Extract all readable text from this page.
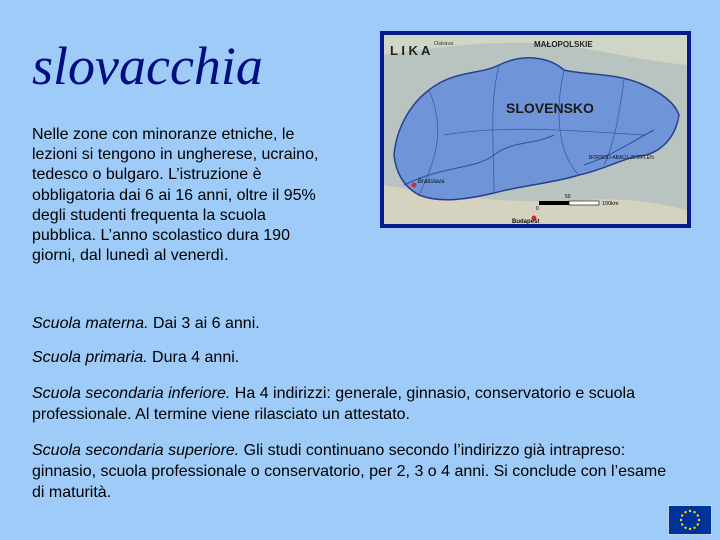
slovacchia

Nelle zone con minoranze etniche, le lezioni si tengono in ungherese, ucraino, tedesco o bulgaro. L’istruzione è obbligatoria dai 6 ai 16 anni, oltre il 95% degli studenti frequenta la scuola pubblica. L’anno scolastico dura 190 giorni, dal lunedì al venerdì.

L I K A	MAŁOPOLSKIE
Ostrava
SLOVENSKO
BORSOD-ABAÚJ-ZEMPLÉN
Bratislava
Budapest
0
50
100km

Scuola materna. Dai 3 ai 6 anni.

Scuola primaria. Dura 4 anni.

Scuola secondaria inferiore. Ha 4 indirizzi: generale, ginnasio, conservatorio e scuola professionale. Al termine viene rilasciato un attestato.

Scuola secondaria superiore. Gli studi continuano secondo l’indirizzo già intrapreso: ginnasio, scuola professionale o conservatorio, per 2, 3 o 4 anni. Si conclude con l’esame di maturità.
